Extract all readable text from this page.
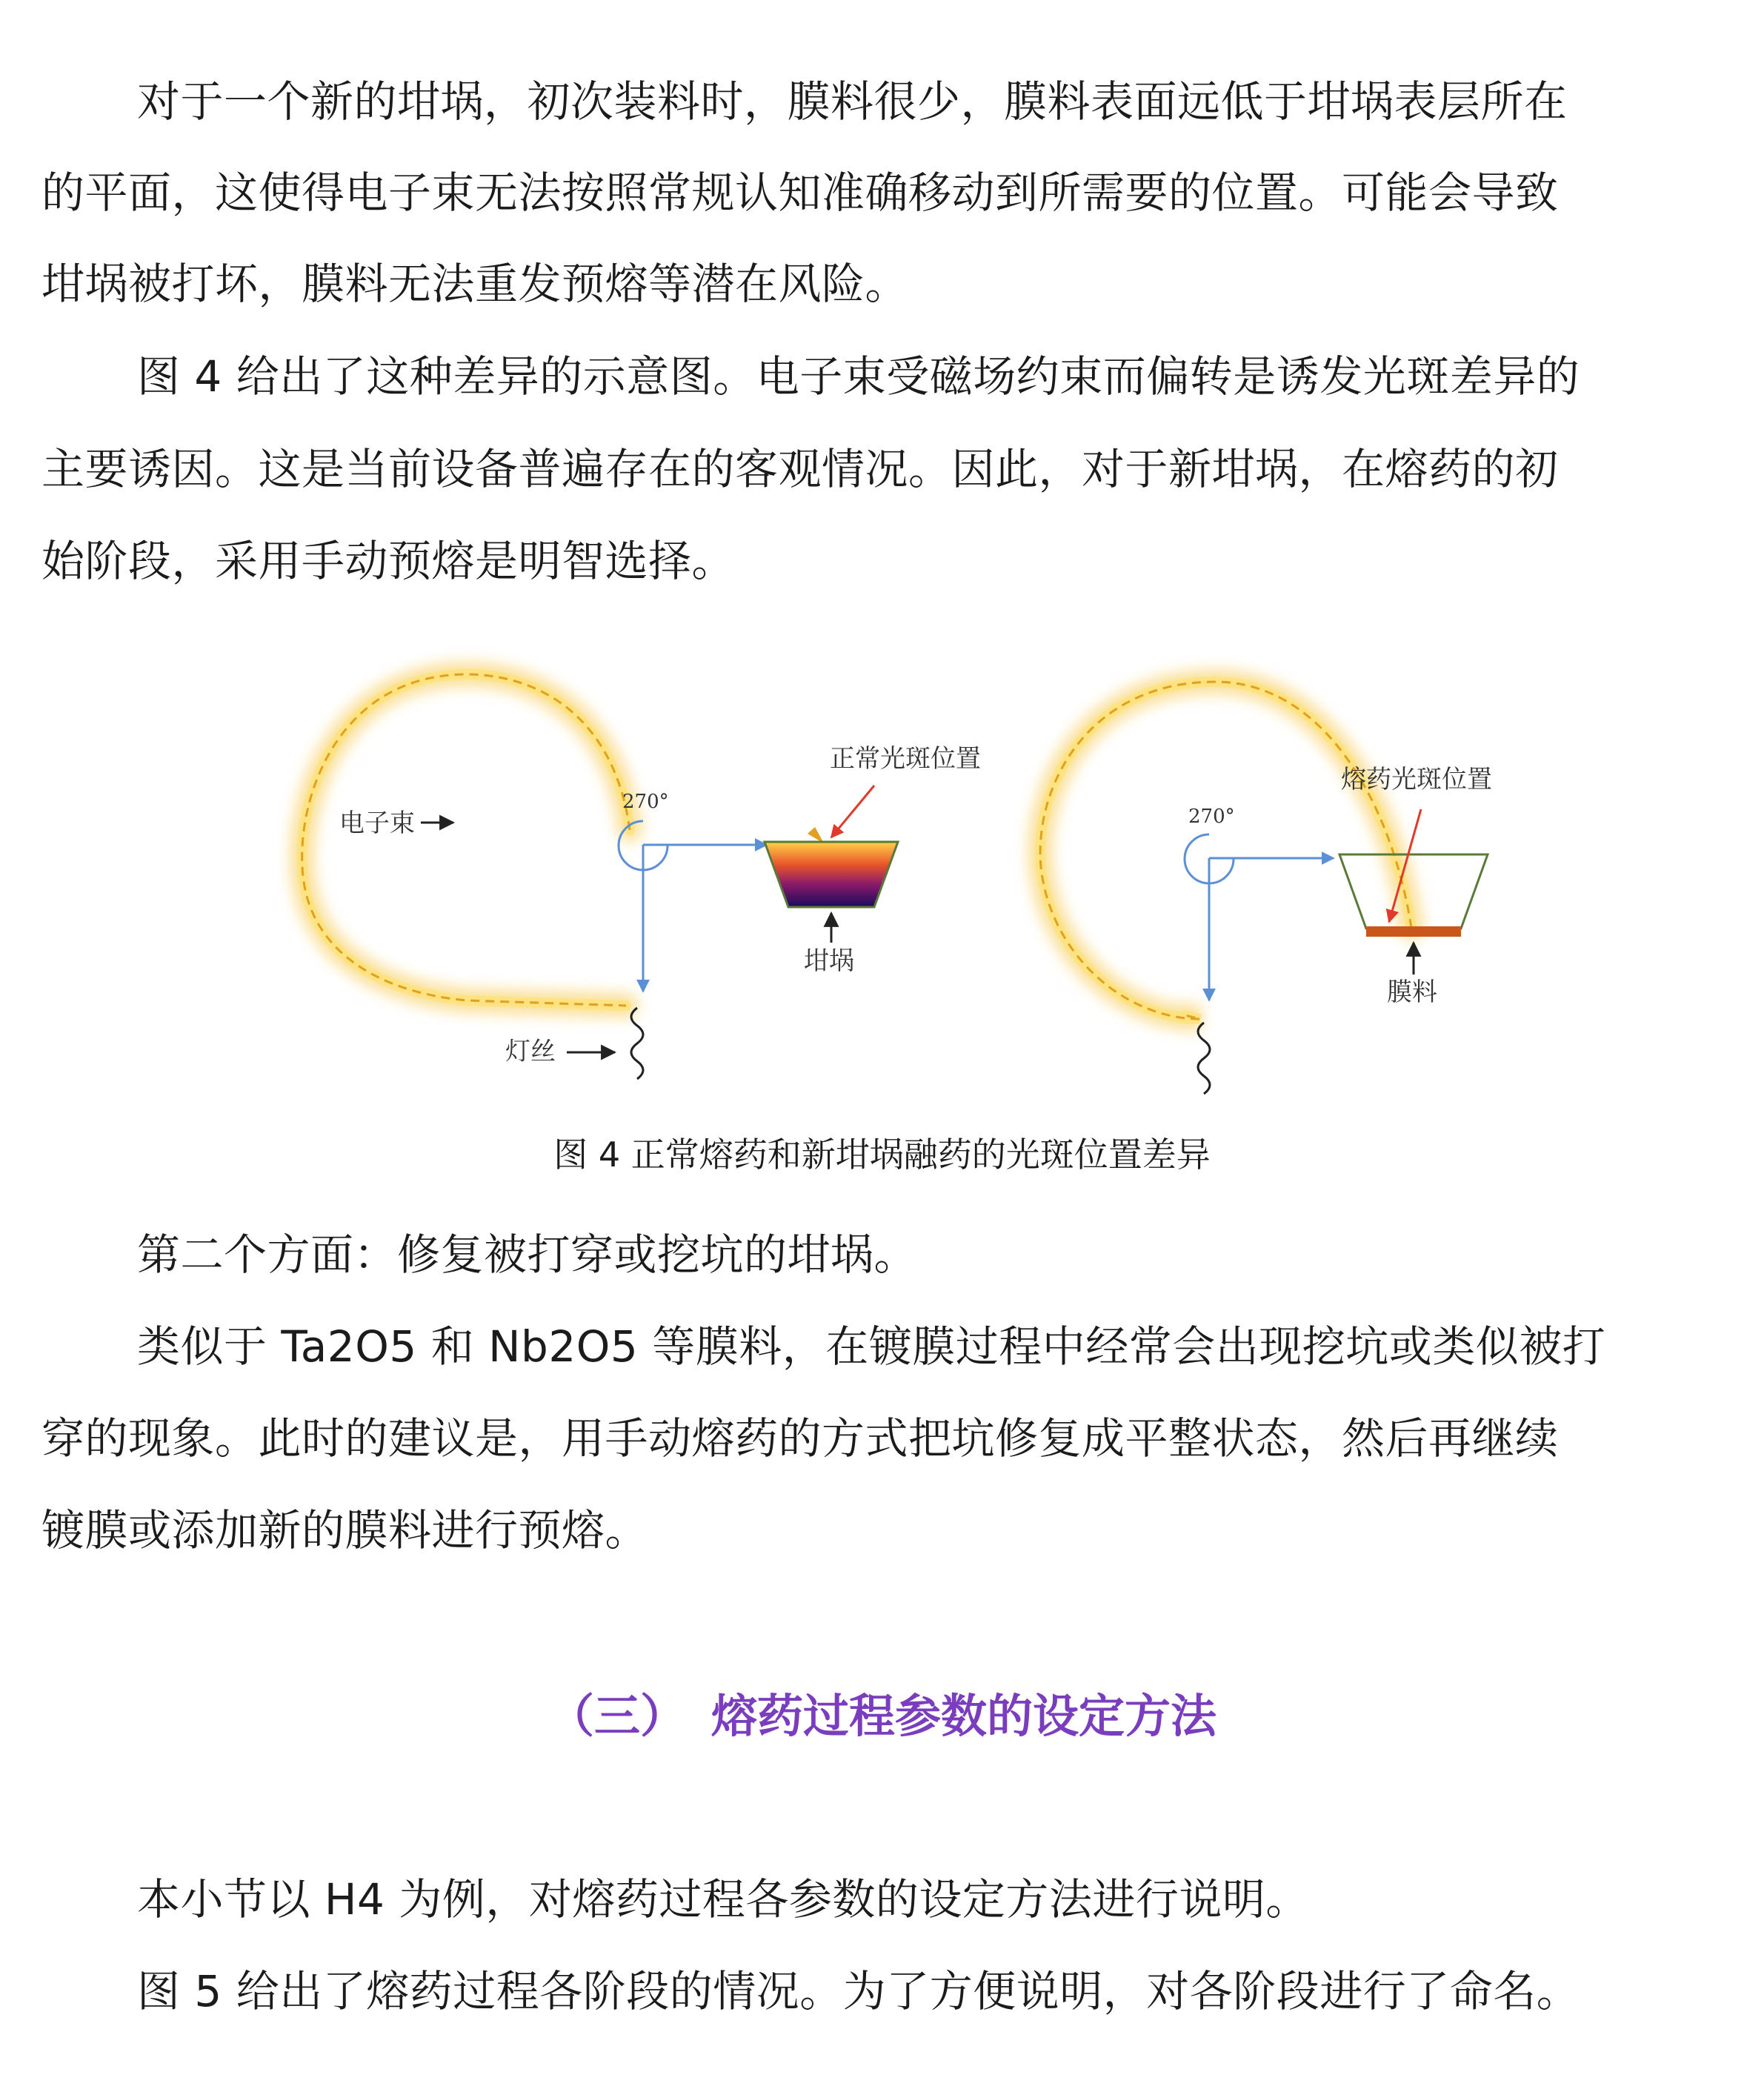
对于一个新的坩埚，初次装料时，膜料很少，膜料表面远低于坩埚表层所在
的平面，这使得电子束无法按照常规认知准确移动到所需要的位置。可能会导致
坩埚被打坏，膜料无法重发预熔等潜在风险。
图 4 给出了这种差异的示意图。电子束受磁场约束而偏转是诱发光斑差异的
主要诱因。这是当前设备普遍存在的客观情况。因此，对于新坩埚，在熔药的初
始阶段，采用手动预熔是明智选择。
270°
电子束
正常光斑位置
坩埚
灯丝
270°
熔药光斑位置
膜料
图 4 正常熔药和新坩埚融药的光斑位置差异
第二个方面：修复被打穿或挖坑的坩埚。
类似于 Ta2O5 和 Nb2O5 等膜料，在镀膜过程中经常会出现挖坑或类似被打
穿的现象。此时的建议是，用手动熔药的方式把坑修复成平整状态，然后再继续
镀膜或添加新的膜料进行预熔。
（三） 熔药过程参数的设定方法
本小节以 H4 为例，对熔药过程各参数的设定方法进行说明。
图 5 给出了熔药过程各阶段的情况。为了方便说明，对各阶段进行了命名。
